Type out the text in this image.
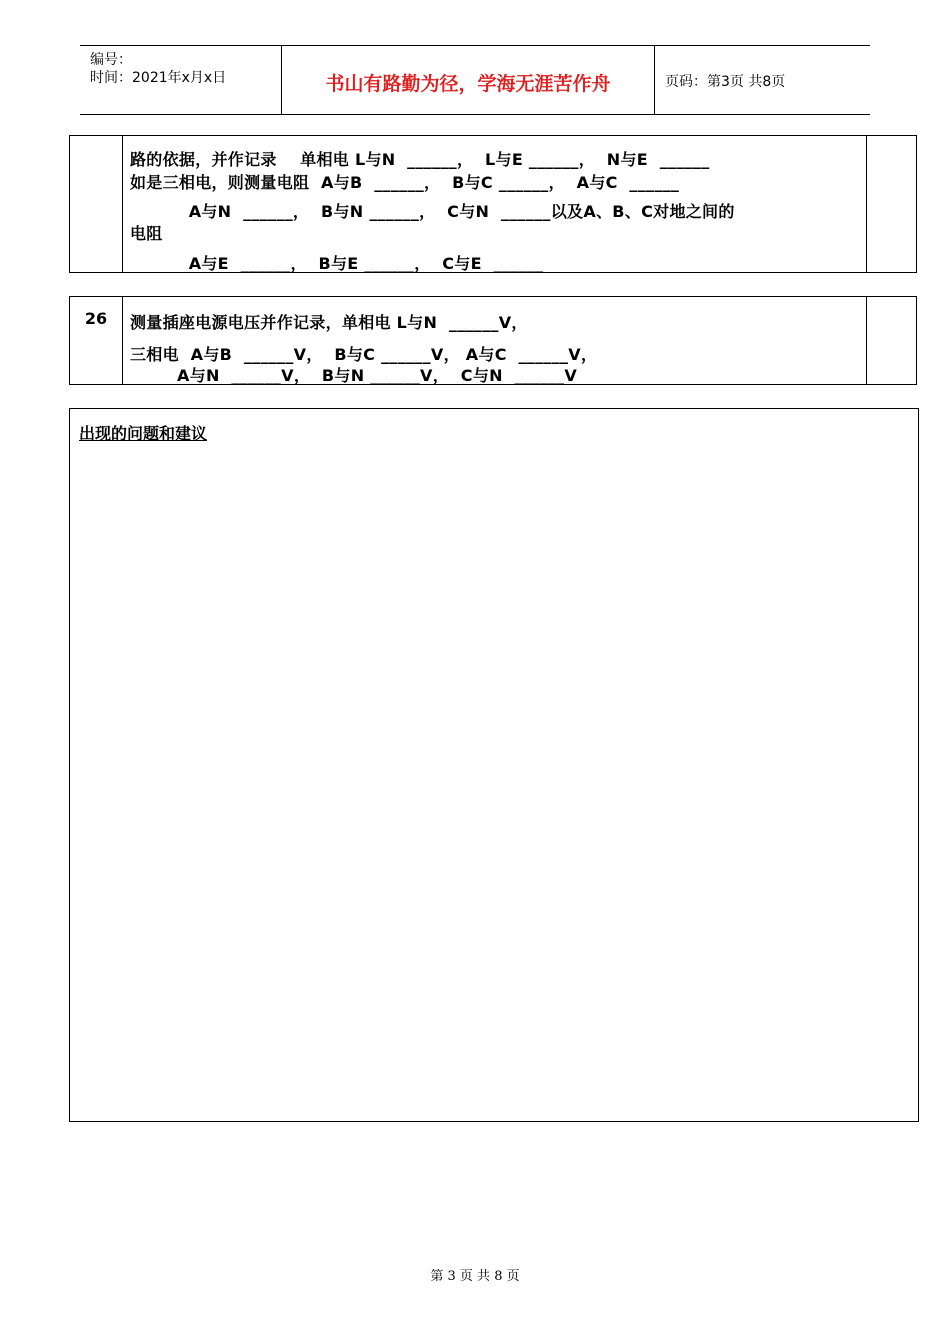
编号：
时间：2021年x月x日	书山有路勤为径，学海无涯苦作舟	页码：第3页 共8页
路的依据，并作记录    单相电 L与N  ______，  L与E ______，  N与E  ______
如是三相电，则测量电阻  A与B  ______，  B与C ______，  A与C  ______
A与N  ______，  B与N ______，  C与N  ______以及A、B、C对地之间的
电阻
A与E  ______，  B与E ______，  C与E  ______
26	测量插座电源电压并作记录，单相电 L与N  ______V，
三相电  A与B  ______V，  B与C ______V， A与C  ______V，
A与N  ______V，  B与N ______V，  C与N  ______V
出现的问题和建议
第 3 页 共 8 页
